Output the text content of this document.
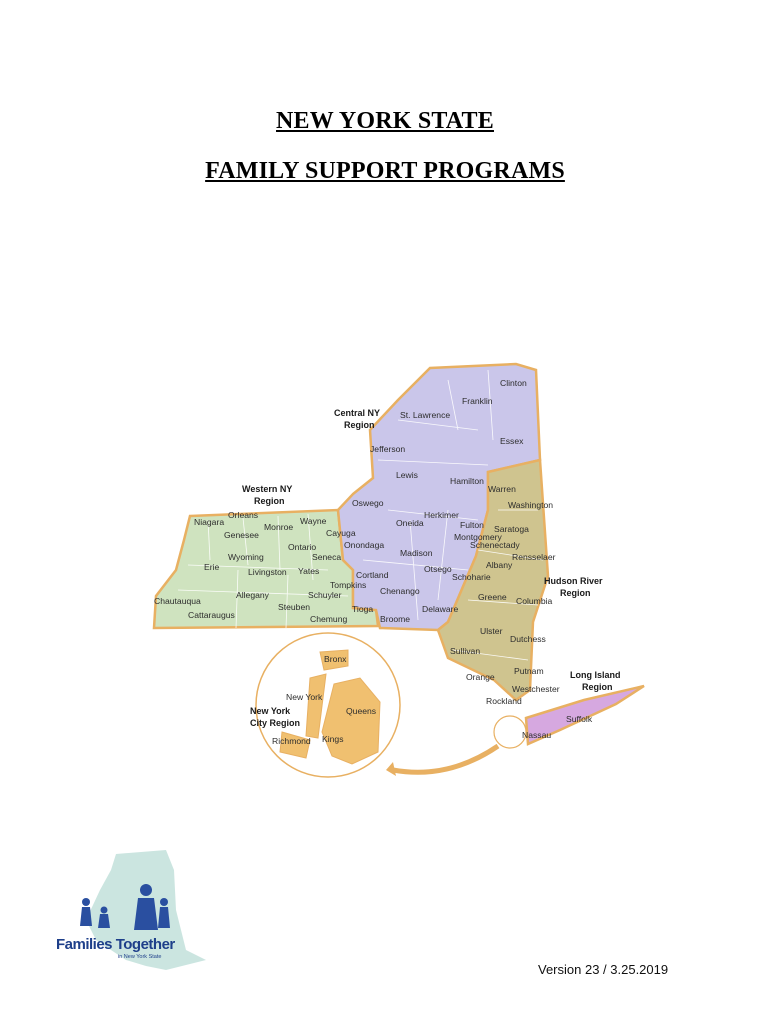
NEW YORK STATE
FAMILY SUPPORT PROGRAMS
Central NY
Region
Western NY
Region
Hudson River
Region
Long Island
Region
New York
City Region
Niagara
Orleans
Monroe
Wayne
Genesee
Ontario
Wyoming
Livingston Yates
Seneca
Erie
Allegany
Steuben
Schuyler
Chautauqua
Cattaraugus	Chemung
Clinton
Franklin
St. Lawrence
Essex
Jefferson
Lewis
Hamilton
Oswego
Herkimer
Oneida
Cayuga
Onondaga
Madison
Cortland
Tompkins
Chenango
Otsego
Tioga
Broome
Delaware
Fulton
Montgomery
Warren
Washington
Saratoga
Schenectady
Rensselaer
Albany
Schoharie
Greene Columbia
Ulster
Dutchess
Sullivan
Orange
Putnam
Westchester
Rockland
Suffolk
Nassau
Bronx
New York
Queens
Kings
Richmond
Version 23 / 3.25.2019
Families Together
in New York State
